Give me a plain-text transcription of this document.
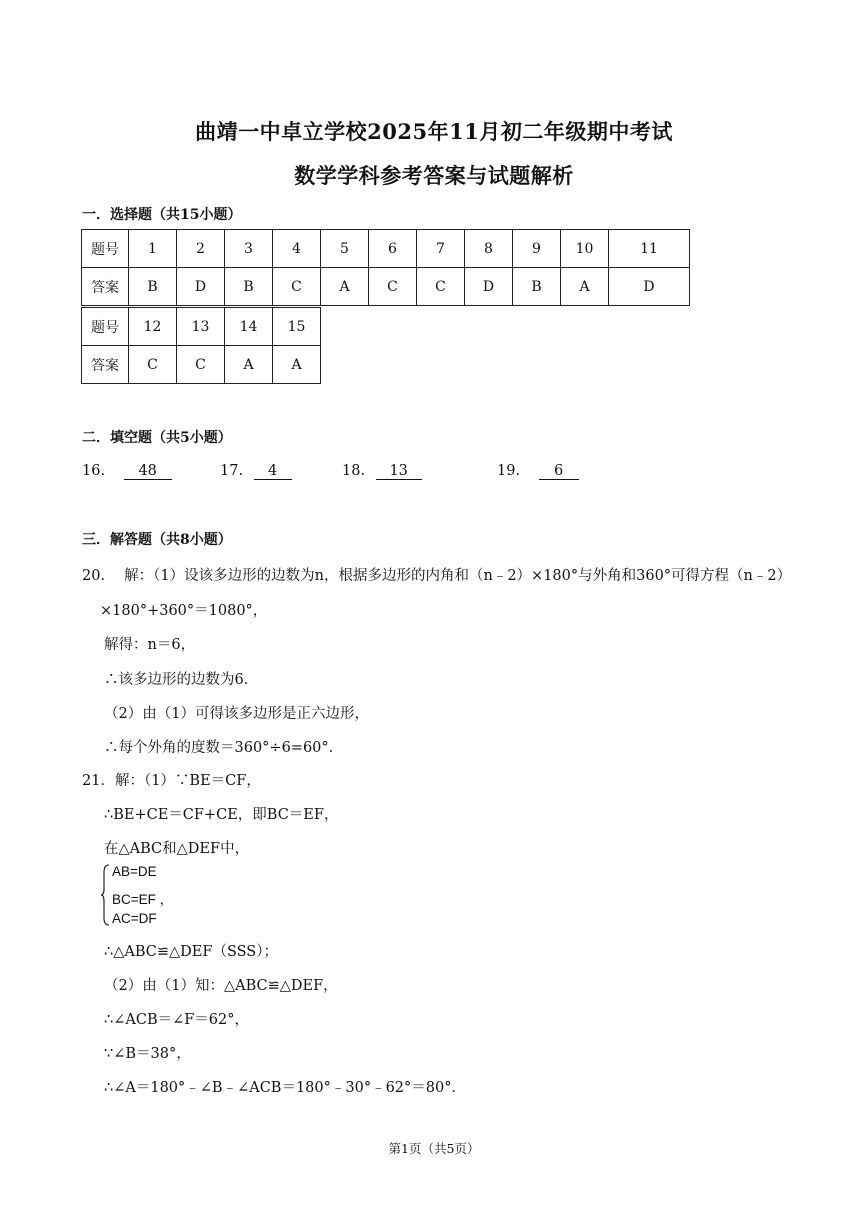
曲靖一中卓立学校2025年11月初二年级期中考试
数学学科参考答案与试题解析
一．选择题（共15小题）
题号	1	2	3	4	5	6	7	8	9	10	11
答案	B	D	B	C	A	C	C	D	B	A	D
题号	12	13	14	15
答案	C	C	A	A
二．填空题（共5小题）
16. 48	17. 4	18. 13	19. 6
三．解答题（共8小题）
20.　 解：（1）设该多边形的边数为n，根据多边形的内角和（n﹣2）×180°与外角和360°可得方程（n﹣2）
×180°+360°＝1080°，
解得：n＝6，
∴该多边形的边数为6．
（2）由（1）可得该多边形是正六边形，
∴每个外角的度数＝360°÷6=60°．
21．解：（1）∵BE＝CF，
∴BE+CE＝CF+CE，即BC＝EF，
在△ABC和△DEF中，
AB=DE
BC=EF ，
AC=DF
∴△ABC≌△DEF（SSS）；
（2）由（1）知：△ABC≌△DEF，
∴∠ACB＝∠F＝62°，
∵∠B＝38°，
∴∠A＝180°﹣∠B﹣∠ACB＝180°﹣30°﹣62°＝80°．
第1页（共5页）
